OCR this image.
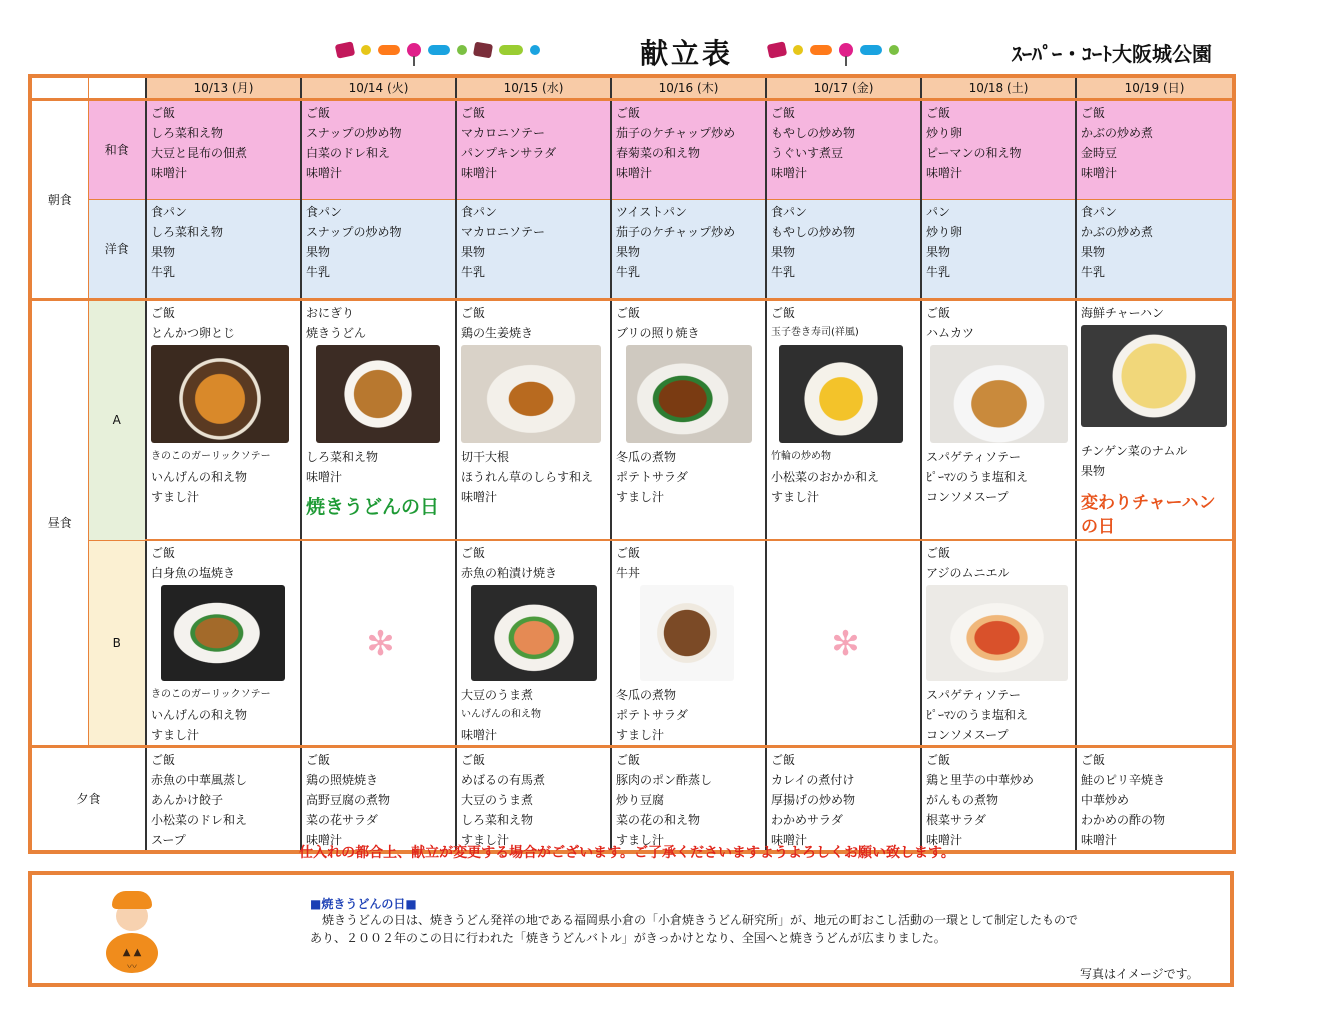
献立表	ｽｰﾊﾟｰ・ｺｰﾄ大阪城公園
		10/13 (月)	10/14 (火)	10/15 (水)	10/16 (木)	10/17 (金)	10/18 (土)	10/19 (日)
朝食	和食	ご飯
しろ菜和え物
大豆と昆布の佃煮
味噌汁	ご飯
スナップの炒め物
白菜のドレ和え
味噌汁	ご飯
マカロニソテー
パンプキンサラダ
味噌汁	ご飯
茄子のケチャップ炒め
春菊菜の和え物
味噌汁	ご飯
もやしの炒め物
うぐいす煮豆
味噌汁	ご飯
炒り卵
ピーマンの和え物
味噌汁	ご飯
かぶの炒め煮
金時豆
味噌汁

	洋食	食パン
しろ菜和え物
果物
牛乳	食パン
スナップの炒め物
果物
牛乳	食パン
マカロニソテー
果物
牛乳	ツイストパン
茄子のケチャップ炒め
果物
牛乳	食パン
もやしの炒め物
果物
牛乳	パン
炒り卵
果物
牛乳	食パン
かぶの炒め煮
果物
牛乳

昼食	A	ご飯
とんかつ卵とじ
きのこのガーリックソテー
いんげんの和え物
すまし汁	おにぎり
焼きうどん
しろ菜和え物
味噌汁
焼きうどんの日	ご飯
鶏の生姜焼き
切干大根
ほうれん草のしらす和え
味噌汁	ご飯
ブリの照り焼き
冬瓜の煮物
ポテトサラダ
すまし汁	ご飯
玉子巻き寿司(祥風)
竹輪の炒め物
小松菜のおかか和え
すまし汁	ご飯
ハムカツ
スパゲティソテー
ﾋﾟｰﾏﾝのうま塩和え
コンソメスープ	海鮮チャーハン
チンゲン菜のナムル
果物
変わりチャーハンの日

	B	ご飯
白身魚の塩焼き
きのこのガーリックソテー
いんげんの和え物
すまし汁	✻	ご飯
赤魚の粕漬け焼き
大豆のうま煮
いんげんの和え物
味噌汁	ご飯
牛丼
冬瓜の煮物
ポテトサラダ
すまし汁	✻	ご飯
アジのムニエル
スパゲティソテー
ﾋﾟｰﾏﾝのうま塩和え
コンソメスープ	

夕食		ご飯
赤魚の中華風蒸し
あんかけ餃子
小松菜のドレ和え
スープ	ご飯
鶏の照焼焼き
高野豆腐の煮物
菜の花サラダ
味噌汁	ご飯
めばるの有馬煮
大豆のうま煮
しろ菜和え物
すまし汁	ご飯
豚肉のポン酢蒸し
炒り豆腐
菜の花の和え物
すまし汁	ご飯
カレイの煮付け
厚揚げの炒め物
わかめサラダ
味噌汁	ご飯
鶏と里芋の中華炒め
がんもの煮物
根菜サラダ
味噌汁	ご飯
鮭のピリ辛焼き
中華炒め
わかめの酢の物
味噌汁
仕入れの都合上、献立が変更する場合がございます。ご了承くださいますようよろしくお願い致します。
▲ ▲
〰
■焼きうどんの日■
　焼きうどんの日は、焼きうどん発祥の地である福岡県小倉の「小倉焼きうどん研究所」が、地元の町おこし活動の一環として制定したものであり、２００２年のこの日に行われた「焼きうどんバトル」がきっかけとなり、全国へと焼きうどんが広まりました。
写真はイメージです。
